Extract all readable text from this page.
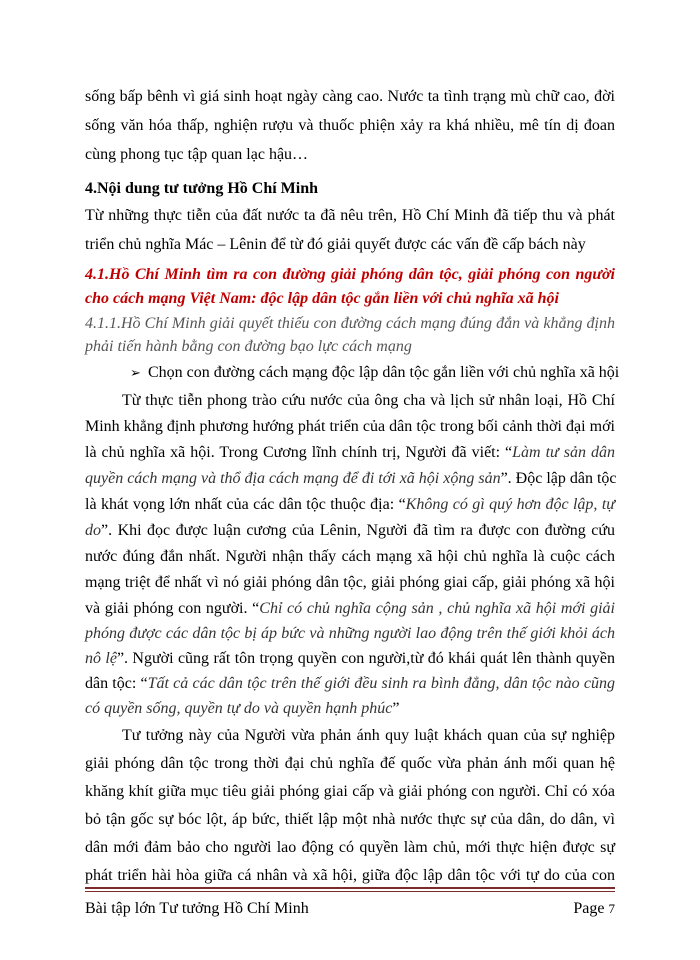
sống bấp bênh vì giá sinh hoạt ngày càng cao. Nước ta tình trạng mù chữ cao, đời
sống văn hóa thấp, nghiện rượu và thuốc phiện xảy ra khá nhiều, mê tín dị đoan
cùng phong tục tập quan lạc hậu…
4.Nội dung tư tưởng Hồ Chí Minh
Từ những thực tiễn của đất nước ta đã nêu trên, Hồ Chí Minh đã tiếp thu và phát
triển chủ nghĩa Mác – Lênin để từ đó giải quyết được các vấn đề cấp bách này
4.1.Hồ Chí Minh tìm ra con đường giải phóng dân tộc, giải phóng con người
cho cách mạng Việt Nam: độc lập dân tộc gắn liền với chủ nghĩa xã hội
4.1.1.Hồ Chí Minh giải quyết thiếu con đường cách mạng đúng đắn và khẳng định
phải tiến hành bằng con đường bạo lực cách mạng
➢ Chọn con đường cách mạng độc lập dân tộc gắn liền với chủ nghĩa xã hội
Từ thực tiễn phong trào cứu nước của ông cha và lịch sử nhân loại, Hồ Chí
Minh khẳng định phương hướng phát triển của dân tộc trong bối cảnh thời đại mới
là chủ nghĩa xã hội. Trong Cương lĩnh chính trị, Người đã viết: “Làm tư sản dân
quyền cách mạng và thổ địa cách mạng để đi tới xã hội xộng sản”. Độc lập dân tộc
là khát vọng lớn nhất của các dân tộc thuộc địa: “Không có gì quý hơn độc lập, tự
do”. Khi đọc được luận cương của Lênin, Người đã tìm ra được con đường cứu
nước đúng đắn nhất. Người nhận thấy cách mạng xã hội chủ nghĩa là cuộc cách
mạng triệt để nhất vì nó giải phóng dân tộc, giải phóng giai cấp, giải phóng xã hội
và giải phóng con người. “Chỉ có chủ nghĩa cộng sản , chủ nghĩa xã hội mới giải
phóng được các dân tộc bị áp bức và những người lao động trên thế giới khỏi ách
nô lệ”. Người cũng rất tôn trọng quyền con người,từ đó khái quát lên thành quyền
dân tộc: “Tất cả các dân tộc trên thế giới đều sinh ra bình đẳng, dân tộc nào cũng
có quyền sống, quyền tự do và quyền hạnh phúc”
Tư tưởng này của Người vừa phản ánh quy luật khách quan của sự nghiệp
giải phóng dân tộc trong thời đại chủ nghĩa đế quốc vừa phản ánh mối quan hệ
khăng khít giữa mục tiêu giải phóng giai cấp và giải phóng con người. Chỉ có xóa
bỏ tận gốc sự bóc lột, áp bức, thiết lập một nhà nước thực sự của dân, do dân, vì
dân mới đảm bảo cho người lao động có quyền làm chủ, mới thực hiện được sự
phát triển hài hòa giữa cá nhân và xã hội, giữa độc lập dân tộc với tự do của con
Bài tập lớn Tư tưởng Hồ Chí Minh	Page 7
